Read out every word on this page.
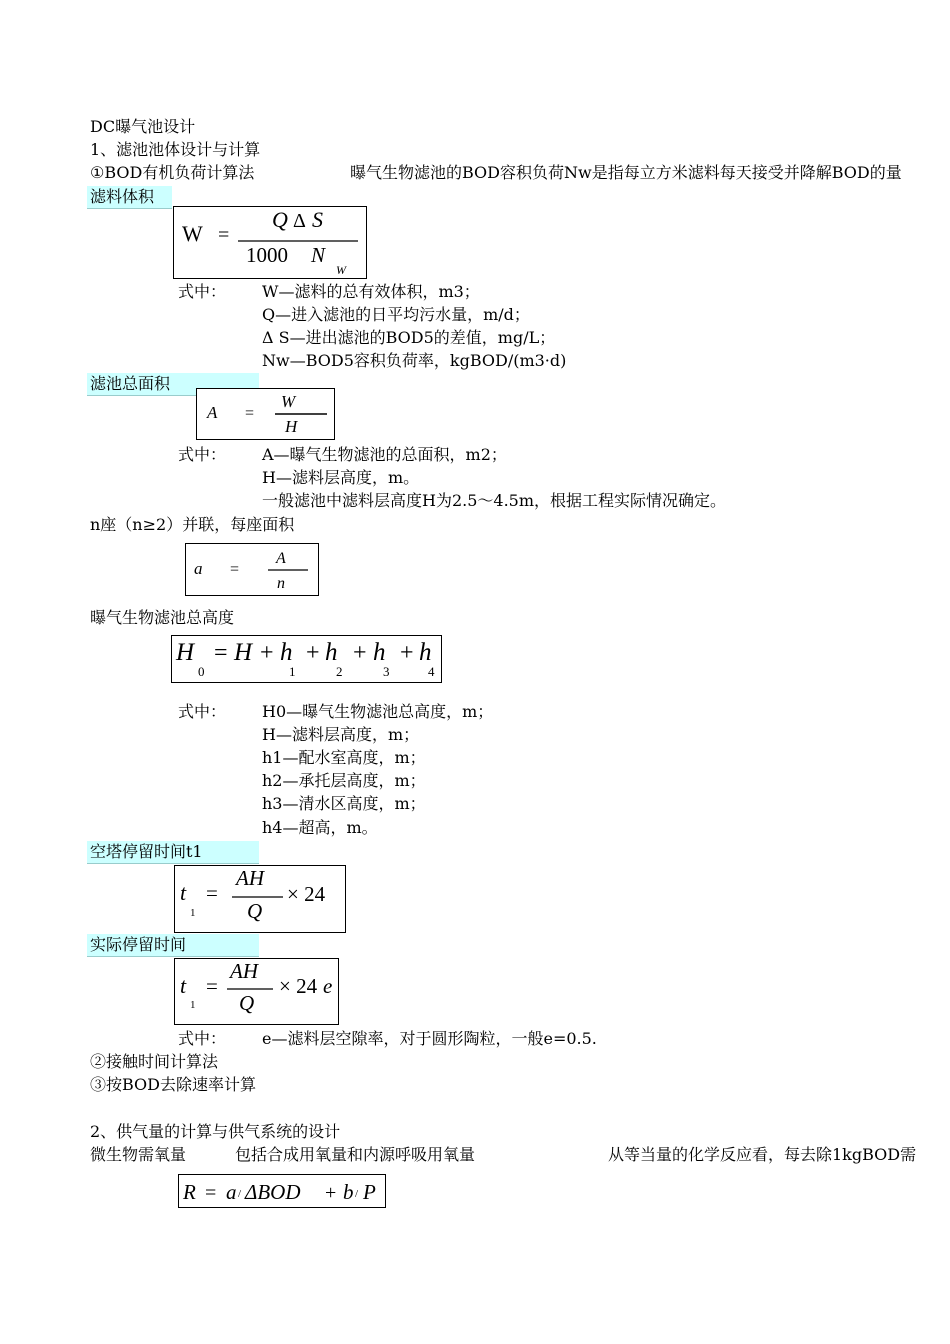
DC曝气池设计
1、滤池池体设计与计算
①BOD有机负荷计算法	曝气生物滤池的BOD容积负荷Nw是指每立方米滤料每天接受并降解BOD的量
滤料体积
W =
Q Δ S
1000 N
W
式中： W—滤料的总有效体积，m3；
Q—进入滤池的日平均污水量，m/d；
Δ S—进出滤池的BOD5的差值，mg/L；
Nw—BOD5容积负荷率，kgBOD/(m3·d)
滤池总面积
A =
W
H
式中： A—曝气生物滤池的总面积，m2；
H—滤料层高度，m。
一般滤池中滤料层高度H为2.5～4.5m，根据工程实际情况确定。
n座（n≥2）并联，每座面积
a =
A
n
曝气生物滤池总高度
H
0
= H + h
1
+ h
2
+ h
3
+ h
4
式中： H0—曝气生物滤池总高度，m；
H—滤料层高度，m；
h1—配水室高度，m；
h2—承托层高度，m；
h3—清水区高度，m；
h4—超高，m。
空塔停留时间t1
t
1
=
AH
Q
× 24
实际停留时间
t
1
=
AH
Q
× 24 e
式中： e—滤料层空隙率，对于圆形陶粒，一般e=0.5.
②接触时间计算法
③按BOD去除速率计算
2、供气量的计算与供气系统的设计
微生物需氧量	包括合成用氧量和内源呼吸用氧量	从等当量的化学反应看，每去除1kgBOD需
R = a / ΔBOD + b / P
